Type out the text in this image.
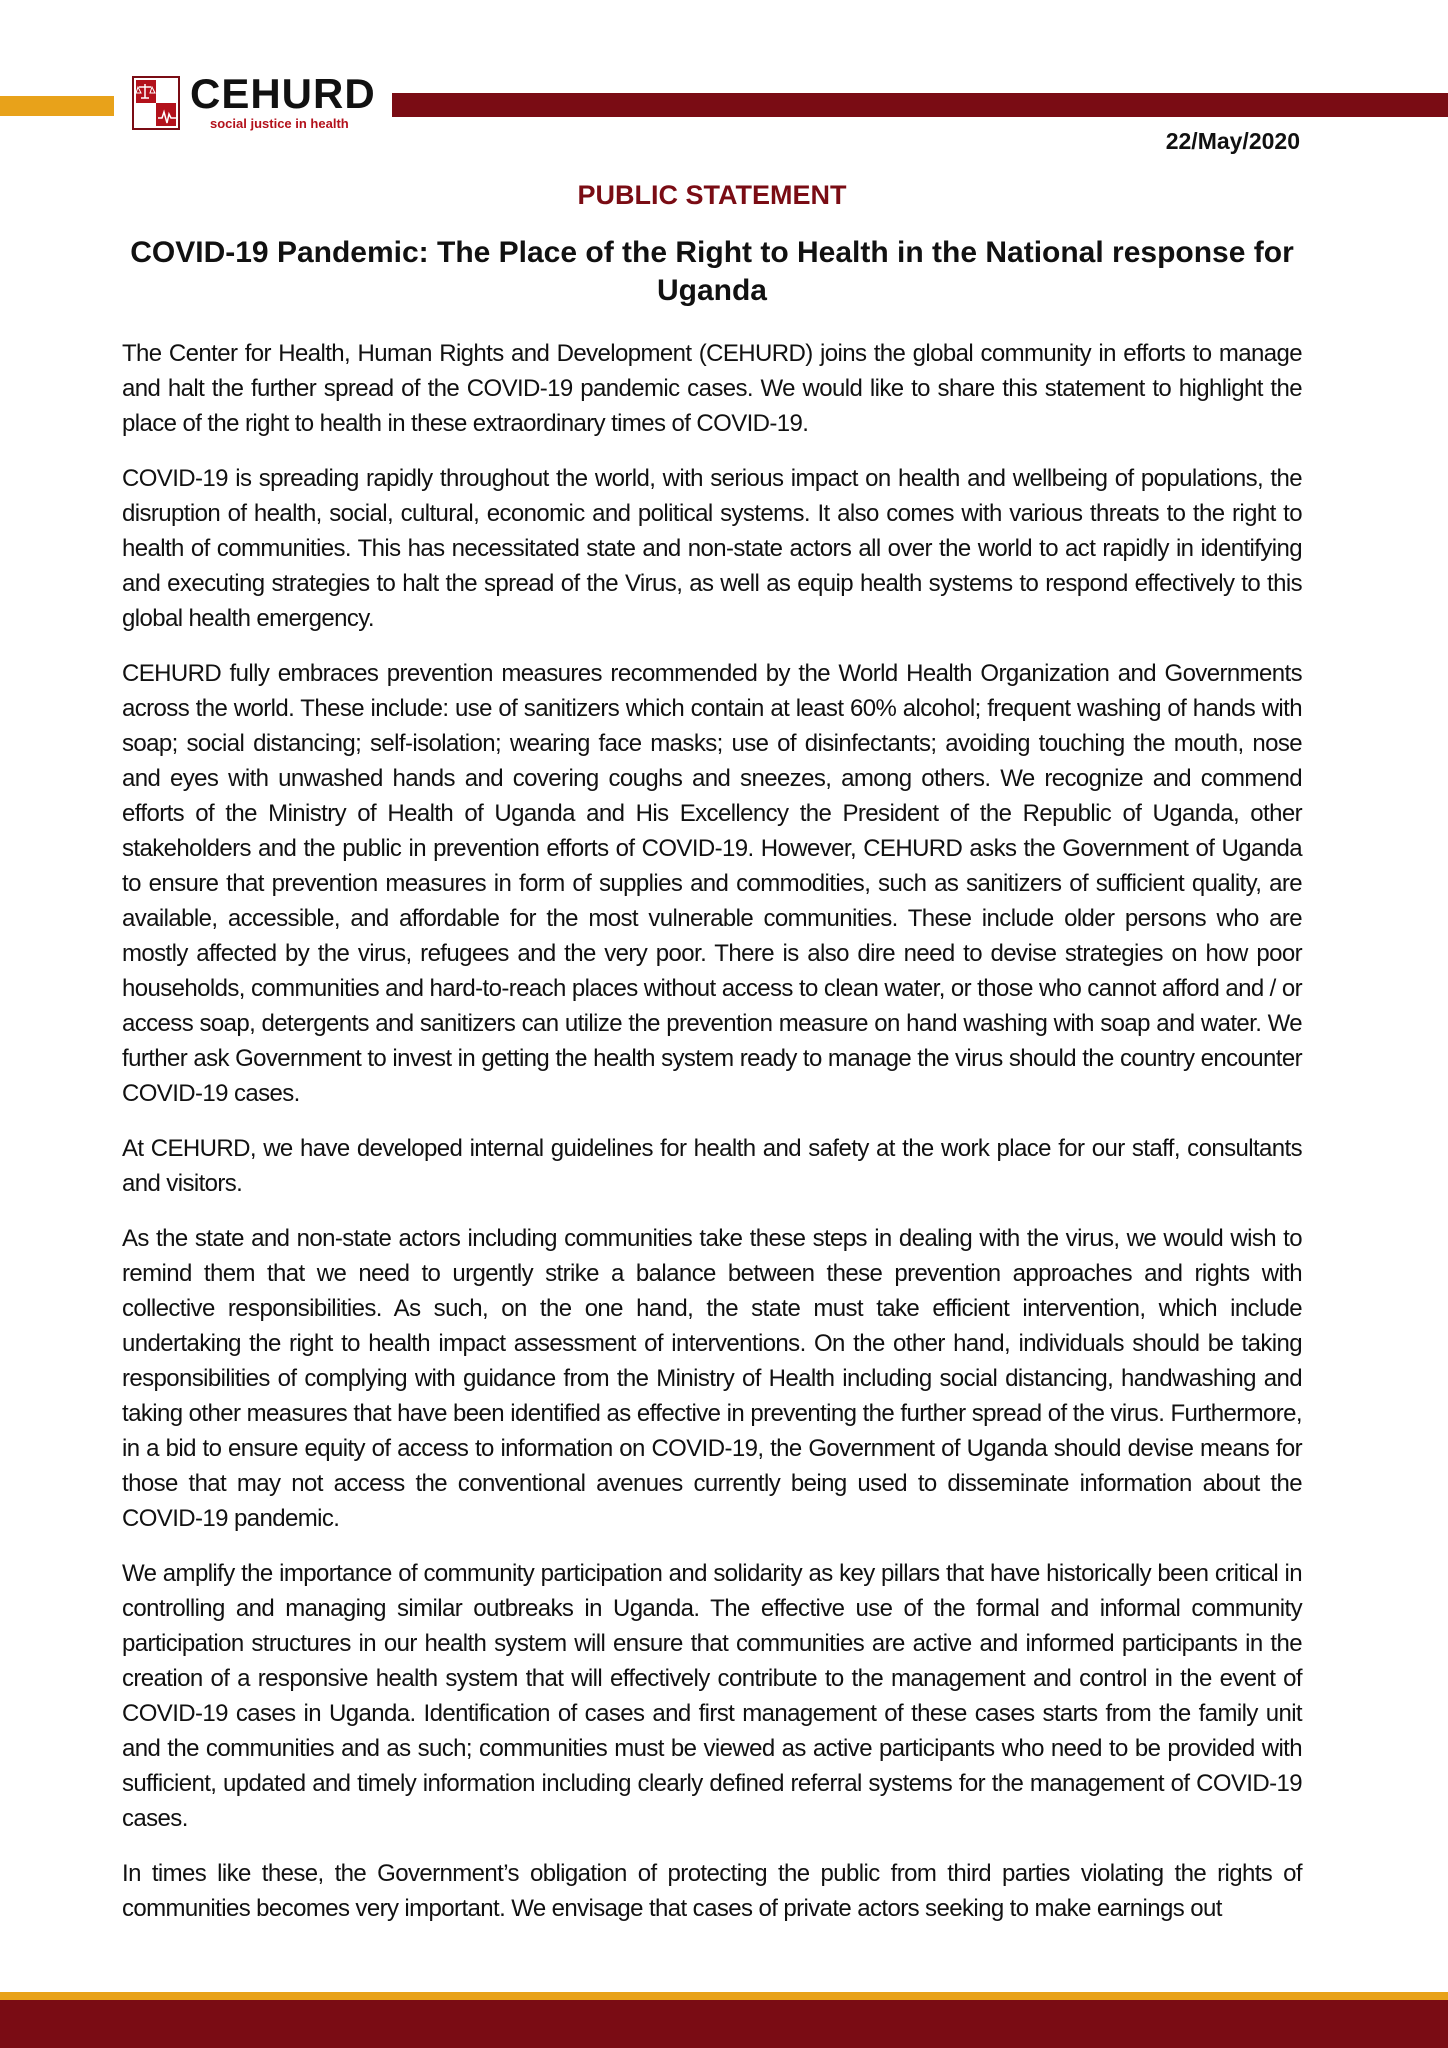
CEHURD
social justice in health
22/May/2020
PUBLIC STATEMENT
COVID-19 Pandemic: The Place of the Right to Health in the National response for Uganda

The Center for Health, Human Rights and Development (CEHURD) joins the global community in efforts to manage and halt the further spread of the COVID-19 pandemic cases. We would like to share this statement to highlight the place of the right to health in these extraordinary times of COVID-19.

COVID-19 is spreading rapidly throughout the world, with serious impact on health and wellbeing of populations, the disruption of health, social, cultural, economic and political systems. It also comes with various threats to the right to health of communities. This has necessitated state and non-state actors all over the world to act rapidly in identifying and executing strategies to halt the spread of the Virus, as well as equip health systems to respond effectively to this global health emergency.

CEHURD fully embraces prevention measures recommended by the World Health Organization and Governments across the world. These include: use of sanitizers which contain at least 60% alcohol; frequent washing of hands with soap; social distancing; self-isolation; wearing face masks; use of disinfectants; avoiding touching the mouth, nose and eyes with unwashed hands and covering coughs and sneezes, among others. We recognize and commend efforts of the Ministry of Health of Uganda and His Excellency the President of the Republic of Uganda, other stakeholders and the public in prevention efforts of COVID-19. However, CEHURD asks the Government of Uganda to ensure that prevention measures in form of supplies and commodities, such as sanitizers of sufficient quality, are available, accessible, and affordable for the most vulnerable communities. These include older persons who are mostly affected by the virus, refugees and the very poor. There is also dire need to devise strategies on how poor households, communities and hard-to-reach places without access to clean water, or those who cannot afford and / or access soap, detergents and sanitizers can utilize the prevention measure on hand washing with soap and water. We further ask Government to invest in getting the health system ready to manage the virus should the country encounter COVID-19 cases.

At CEHURD, we have developed internal guidelines for health and safety at the work place for our staff, consultants and visitors.

As the state and non-state actors including communities take these steps in dealing with the virus, we would wish to remind them that we need to urgently strike a balance between these prevention approaches and rights with collective responsibilities. As such, on the one hand, the state must take efficient intervention, which include undertaking the right to health impact assessment of interventions. On the other hand, individuals should be taking responsibilities of complying with guidance from the Ministry of Health including social distancing, handwashing and taking other measures that have been identified as effective in preventing the further spread of the virus. Furthermore, in a bid to ensure equity of access to information on COVID-19, the Government of Uganda should devise means for those that may not access the conventional avenues currently being used to disseminate information about the COVID-19 pandemic.

We amplify the importance of community participation and solidarity as key pillars that have historically been critical in controlling and managing similar outbreaks in Uganda. The effective use of the formal and informal community participation structures in our health system will ensure that communities are active and informed participants in the creation of a responsive health system that will effectively contribute to the management and control in the event of COVID-19 cases in Uganda. Identification of cases and first management of these cases starts from the family unit and the communities and as such; communities must be viewed as active participants who need to be provided with sufficient, updated and timely information including clearly defined referral systems for the management of COVID-19 cases.

In times like these, the Government’s obligation of protecting the public from third parties violating the rights of communities becomes very important. We envisage that cases of private actors seeking to make earnings out
